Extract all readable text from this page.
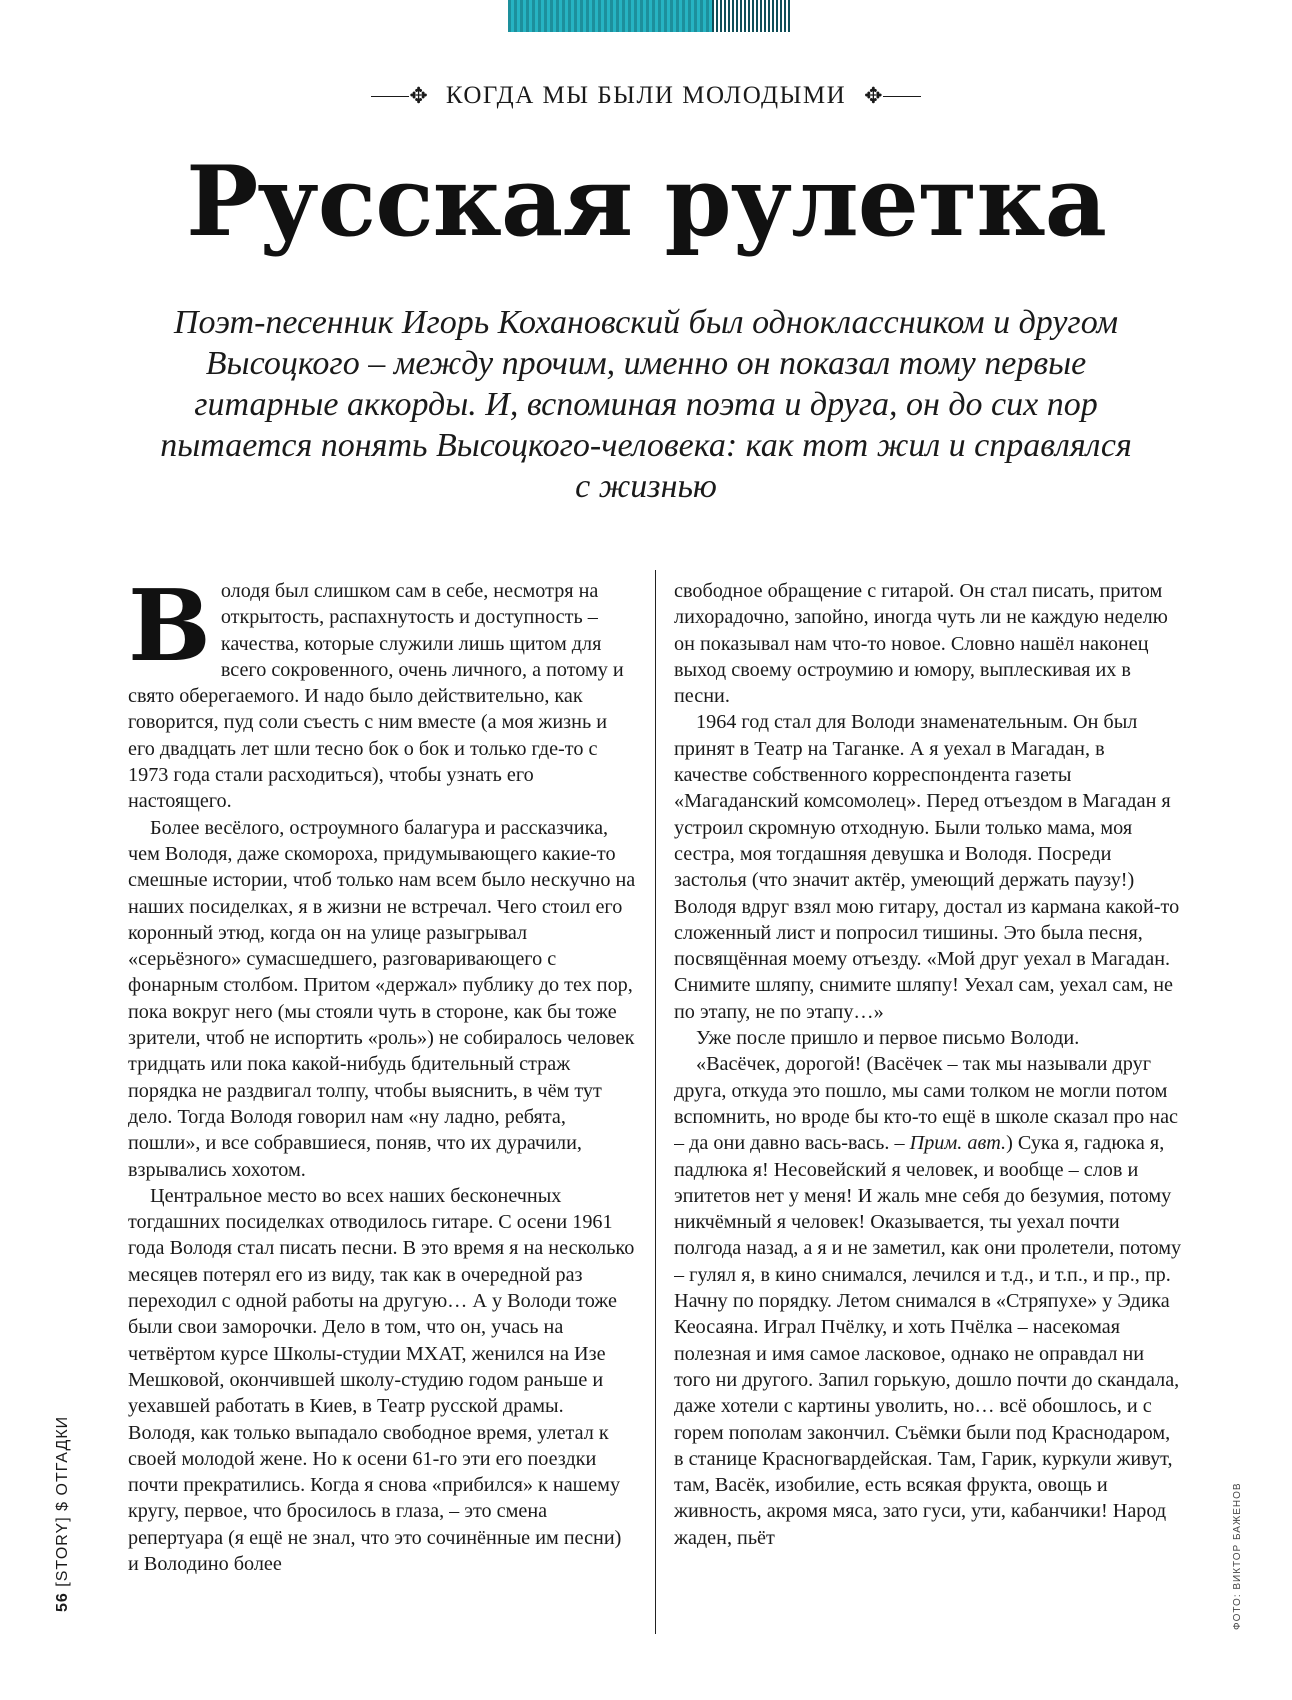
✥ КОГДА МЫ БЫЛИ МОЛОДЫМИ ✥
Русская рулетка
Поэт-песенник Игорь Кохановский был одноклассником и другом Высоцкого – между прочим, именно он показал тому первые гитарные аккорды. И, вспоминая поэта и друга, он до сих пор пытается понять Высоцкого-человека: как тот жил и справлялся с жизнью

Володя был слишком сам в себе, несмотря на открытость, распахнутость и доступность – качества, которые служили лишь щитом для всего сокровенного, очень личного, а потому и свято оберегаемого. И надо было действительно, как говорится, пуд соли съесть с ним вместе (а моя жизнь и его двадцать лет шли тесно бок о бок и только где-то с 1973 года стали расходиться), чтобы узнать его настоящего.

Более весёлого, остроумного балагура и рассказчика, чем Володя, даже скомороха, придумывающего какие-то смешные истории, чтоб только нам всем было нескучно на наших посиделках, я в жизни не встречал. Чего стоил его коронный этюд, когда он на улице разыгрывал «серьёзного» сумасшедшего, разговаривающего с фонарным столбом. Притом «держал» публику до тех пор, пока вокруг него (мы стояли чуть в стороне, как бы тоже зрители, чтоб не испортить «роль») не собиралось человек тридцать или пока какой-нибудь бдительный страж порядка не раздвигал толпу, чтобы выяснить, в чём тут дело. Тогда Володя говорил нам «ну ладно, ребята, пошли», и все собравшиеся, поняв, что их дурачили, взрывались хохотом.

Центральное место во всех наших бесконечных тогдашних посиделках отводилось гитаре. С осени 1961 года Володя стал писать песни. В это время я на несколько месяцев потерял его из виду, так как в очередной раз переходил с одной работы на другую… А у Володи тоже были свои заморочки. Дело в том, что он, учась на четвёртом курсе Школы-студии МХАТ, женился на Изе Мешковой, окончившей школу-студию годом раньше и уехавшей работать в Киев, в Театр русской драмы. Володя, как только выпадало свободное время, улетал к своей молодой жене. Но к осени 61-го эти его поездки почти прекратились. Когда я снова «прибился» к нашему кругу, первое, что бросилось в глаза, – это смена репертуара (я ещё не знал, что это сочинённые им песни) и Володино более

свободное обращение с гитарой. Он стал писать, притом лихорадочно, запойно, иногда чуть ли не каждую неделю он показывал нам что-то новое. Словно нашёл наконец выход своему остроумию и юмору, выплескивая их в песни.

1964 год стал для Володи знаменательным. Он был принят в Театр на Таганке. А я уехал в Магадан, в качестве собственного корреспондента газеты «Магаданский комсомолец». Перед отъездом в Магадан я устроил скромную отходную. Были только мама, моя сестра, моя тогдашняя девушка и Володя. Посреди застолья (что значит актёр, умеющий держать паузу!) Володя вдруг взял мою гитару, достал из кармана какой-то сложенный лист и попросил тишины. Это была песня, посвящённая моему отъезду. «Мой друг уехал в Магадан. Снимите шляпу, снимите шляпу! Уехал сам, уехал сам, не по этапу, не по этапу…»

Уже после пришло и первое письмо Володи.

«Васёчек, дорогой! (Васёчек – так мы называли друг друга, откуда это пошло, мы сами толком не могли потом вспомнить, но вроде бы кто-то ещё в школе сказал про нас – да они давно вась-вась. – Прим. авт.) Сука я, гадюка я, падлюка я! Несовейский я человек, и вообще – слов и эпитетов нет у меня! И жаль мне себя до безумия, потому никчёмный я человек! Оказывается, ты уехал почти полгода назад, а я и не заметил, как они пролетели, потому – гулял я, в кино снимался, лечился и т.д., и т.п., и пр., пр. Начну по порядку. Летом снимался в «Стряпухе» у Эдика Кеосаяна. Играл Пчёлку, и хоть Пчёлка – насекомая полезная и имя самое ласковое, однако не оправдал ни того ни другого. Запил горькую, дошло почти до скандала, даже хотели с картины уволить, но… всё обошлось, и с горем пополам закончил. Съёмки были под Краснодаром, в станице Красногвардейская. Там, Гарик, куркули живут, там, Васёк, изобилие, есть всякая фрукта, овощь и живность, акромя мяса, зато гуси, ути, кабанчики! Народ жаден, пьёт

56 [STORY] $ ОТГАДКИ
ФОТО: ВИКТОР БАЖЕНОВ
